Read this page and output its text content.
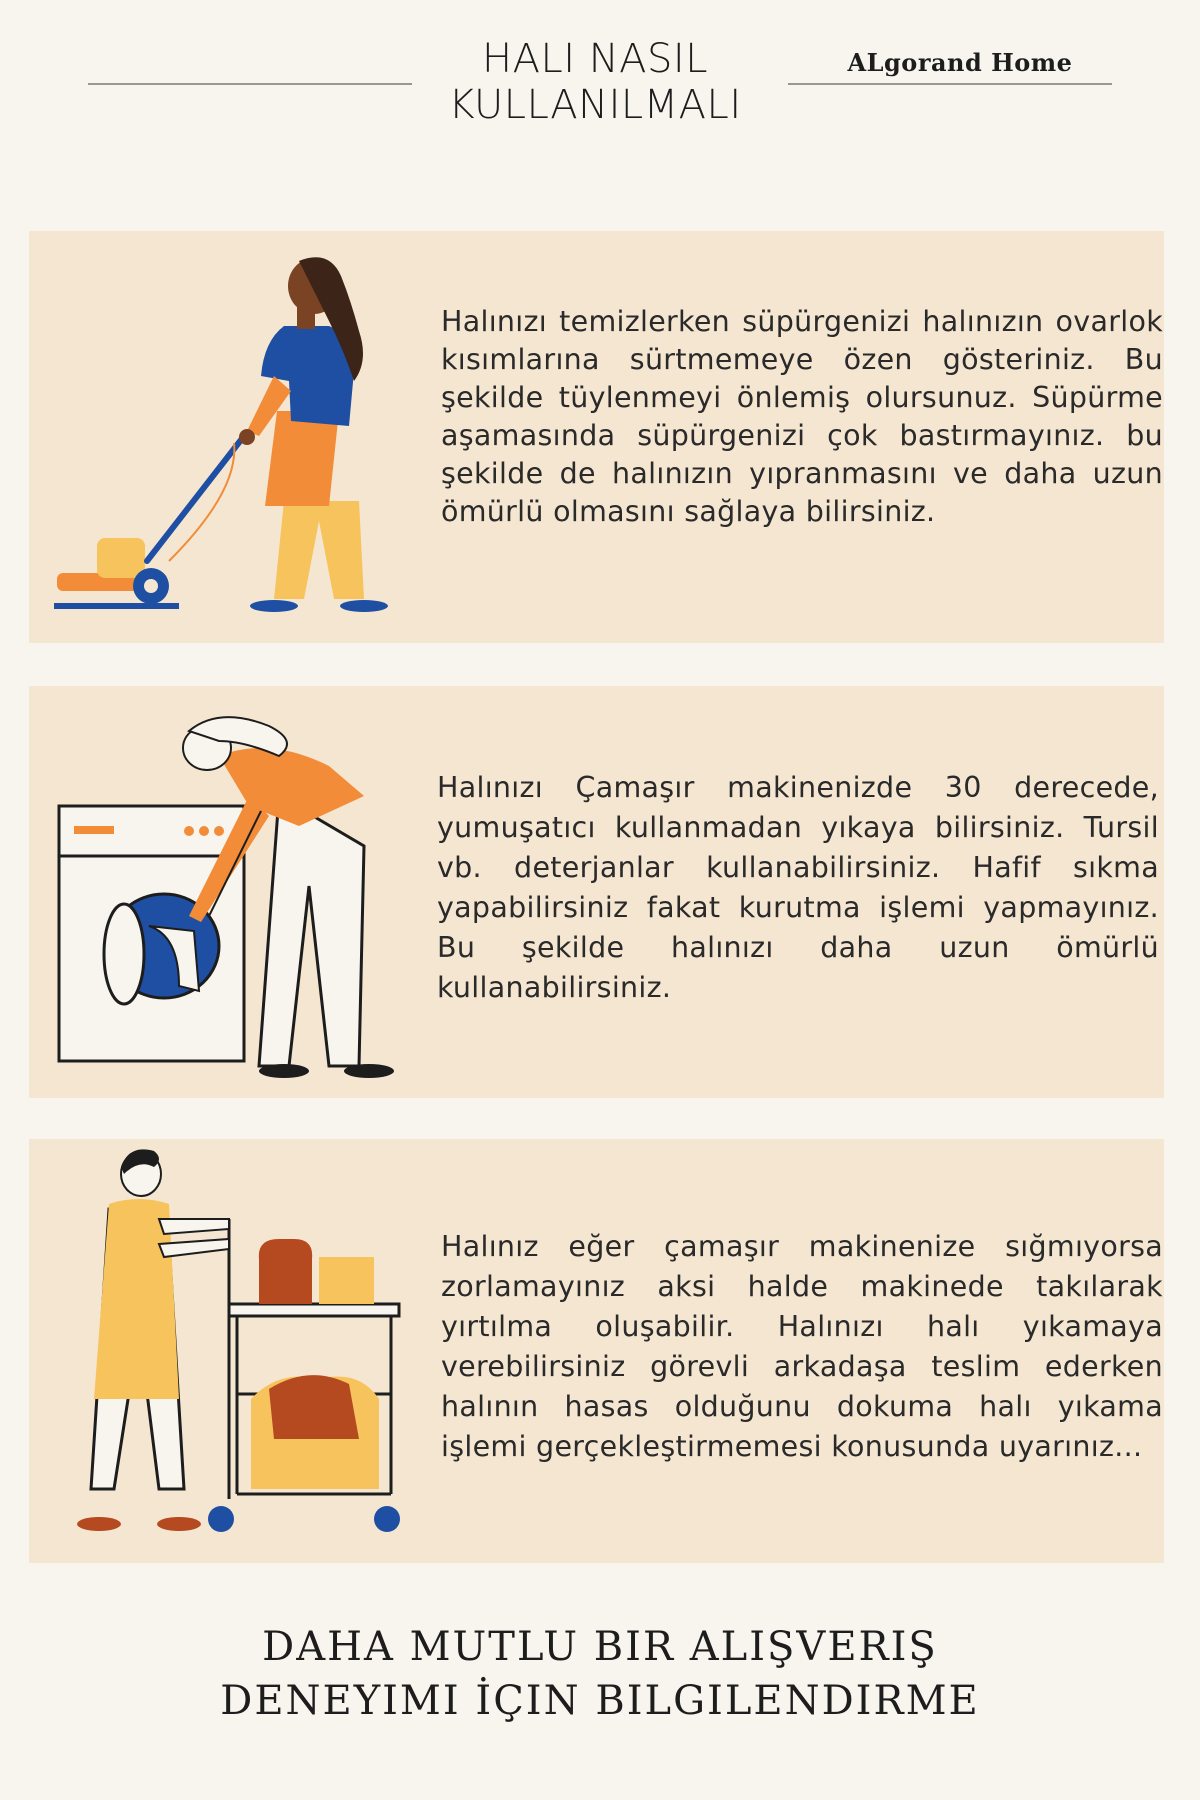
HALI NASIL
KULLANILMALI
ALgorand Home
Halınızı temizlerken süpürgenizi halınızın ovarlok kısımlarına sürtmemeye özen gösteriniz. Bu şekilde tüylenmeyi önlemiş olursunuz. Süpürme aşamasında süpürgenizi çok bastırmayınız. bu şekilde de halınızın yıpranmasını ve daha uzun ömürlü olmasını sağlaya bilirsiniz.
Halınızı Çamaşır makinenizde 30 derecede, yumuşatıcı kullanmadan yıkaya bilirsiniz. Tursil vb. deterjanlar kullanabilirsiniz. Hafif sıkma yapabilirsiniz fakat kurutma işlemi yapmayınız. Bu şekilde halınızı daha uzun ömürlü kullanabilirsiniz.
Halınız eğer çamaşır makinenize sığmıyorsa zorlamayınız aksi halde makinede takılarak yırtılma oluşabilir. Halınızı halı yıkamaya verebilirsiniz görevli arkadaşa teslim ederken halının hasas olduğunu dokuma halı yıkama işlemi gerçekleştirmemesi konusunda uyarınız...
DAHA MUTLU BIR ALIŞVERIŞ
DENEYIMI İÇIN BILGILENDIRME
